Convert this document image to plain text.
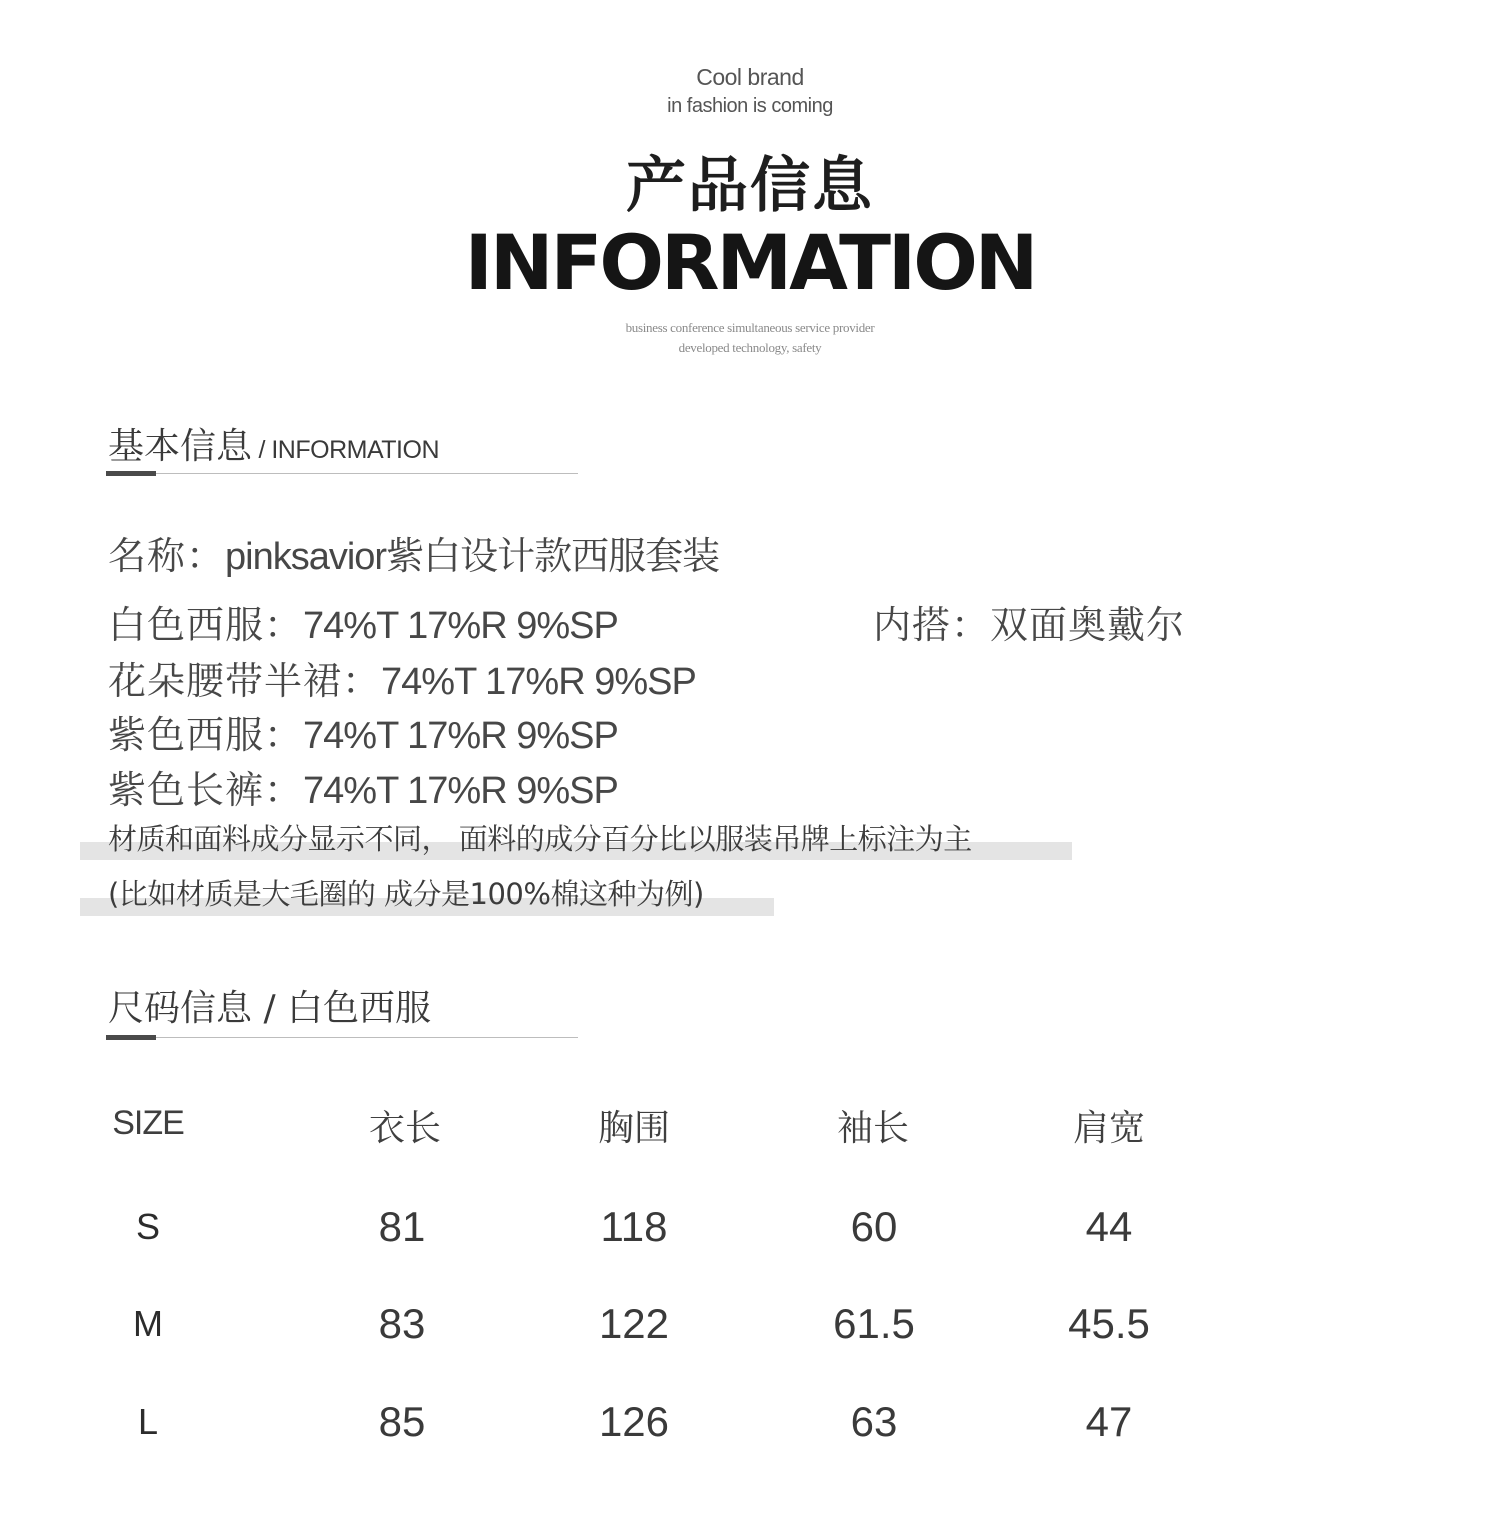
Cool brand
in fashion is coming
产品信息
INFORMATION
business conference simultaneous service provider
developed technology, safety
基本信息 / INFORMATION
名称：pinksavior紫白设计款西服套装
白色西服：74%T 17%R 9%SP	内搭：双面奥戴尔
花朵腰带半裙：74%T 17%R 9%SP
紫色西服：74%T 17%R 9%SP
紫色长裤：74%T 17%R 9%SP
材质和面料成分显示不同， 面料的成分百分比以服装吊牌上标注为主
(比如材质是大毛圈的 成分是100%棉这种为例)
尺码信息 / 白色西服
SIZE	衣长	胸围	袖长	肩宽
S	81	118	60	44
M	83	122	61.5	45.5
L	85	126	63	47
